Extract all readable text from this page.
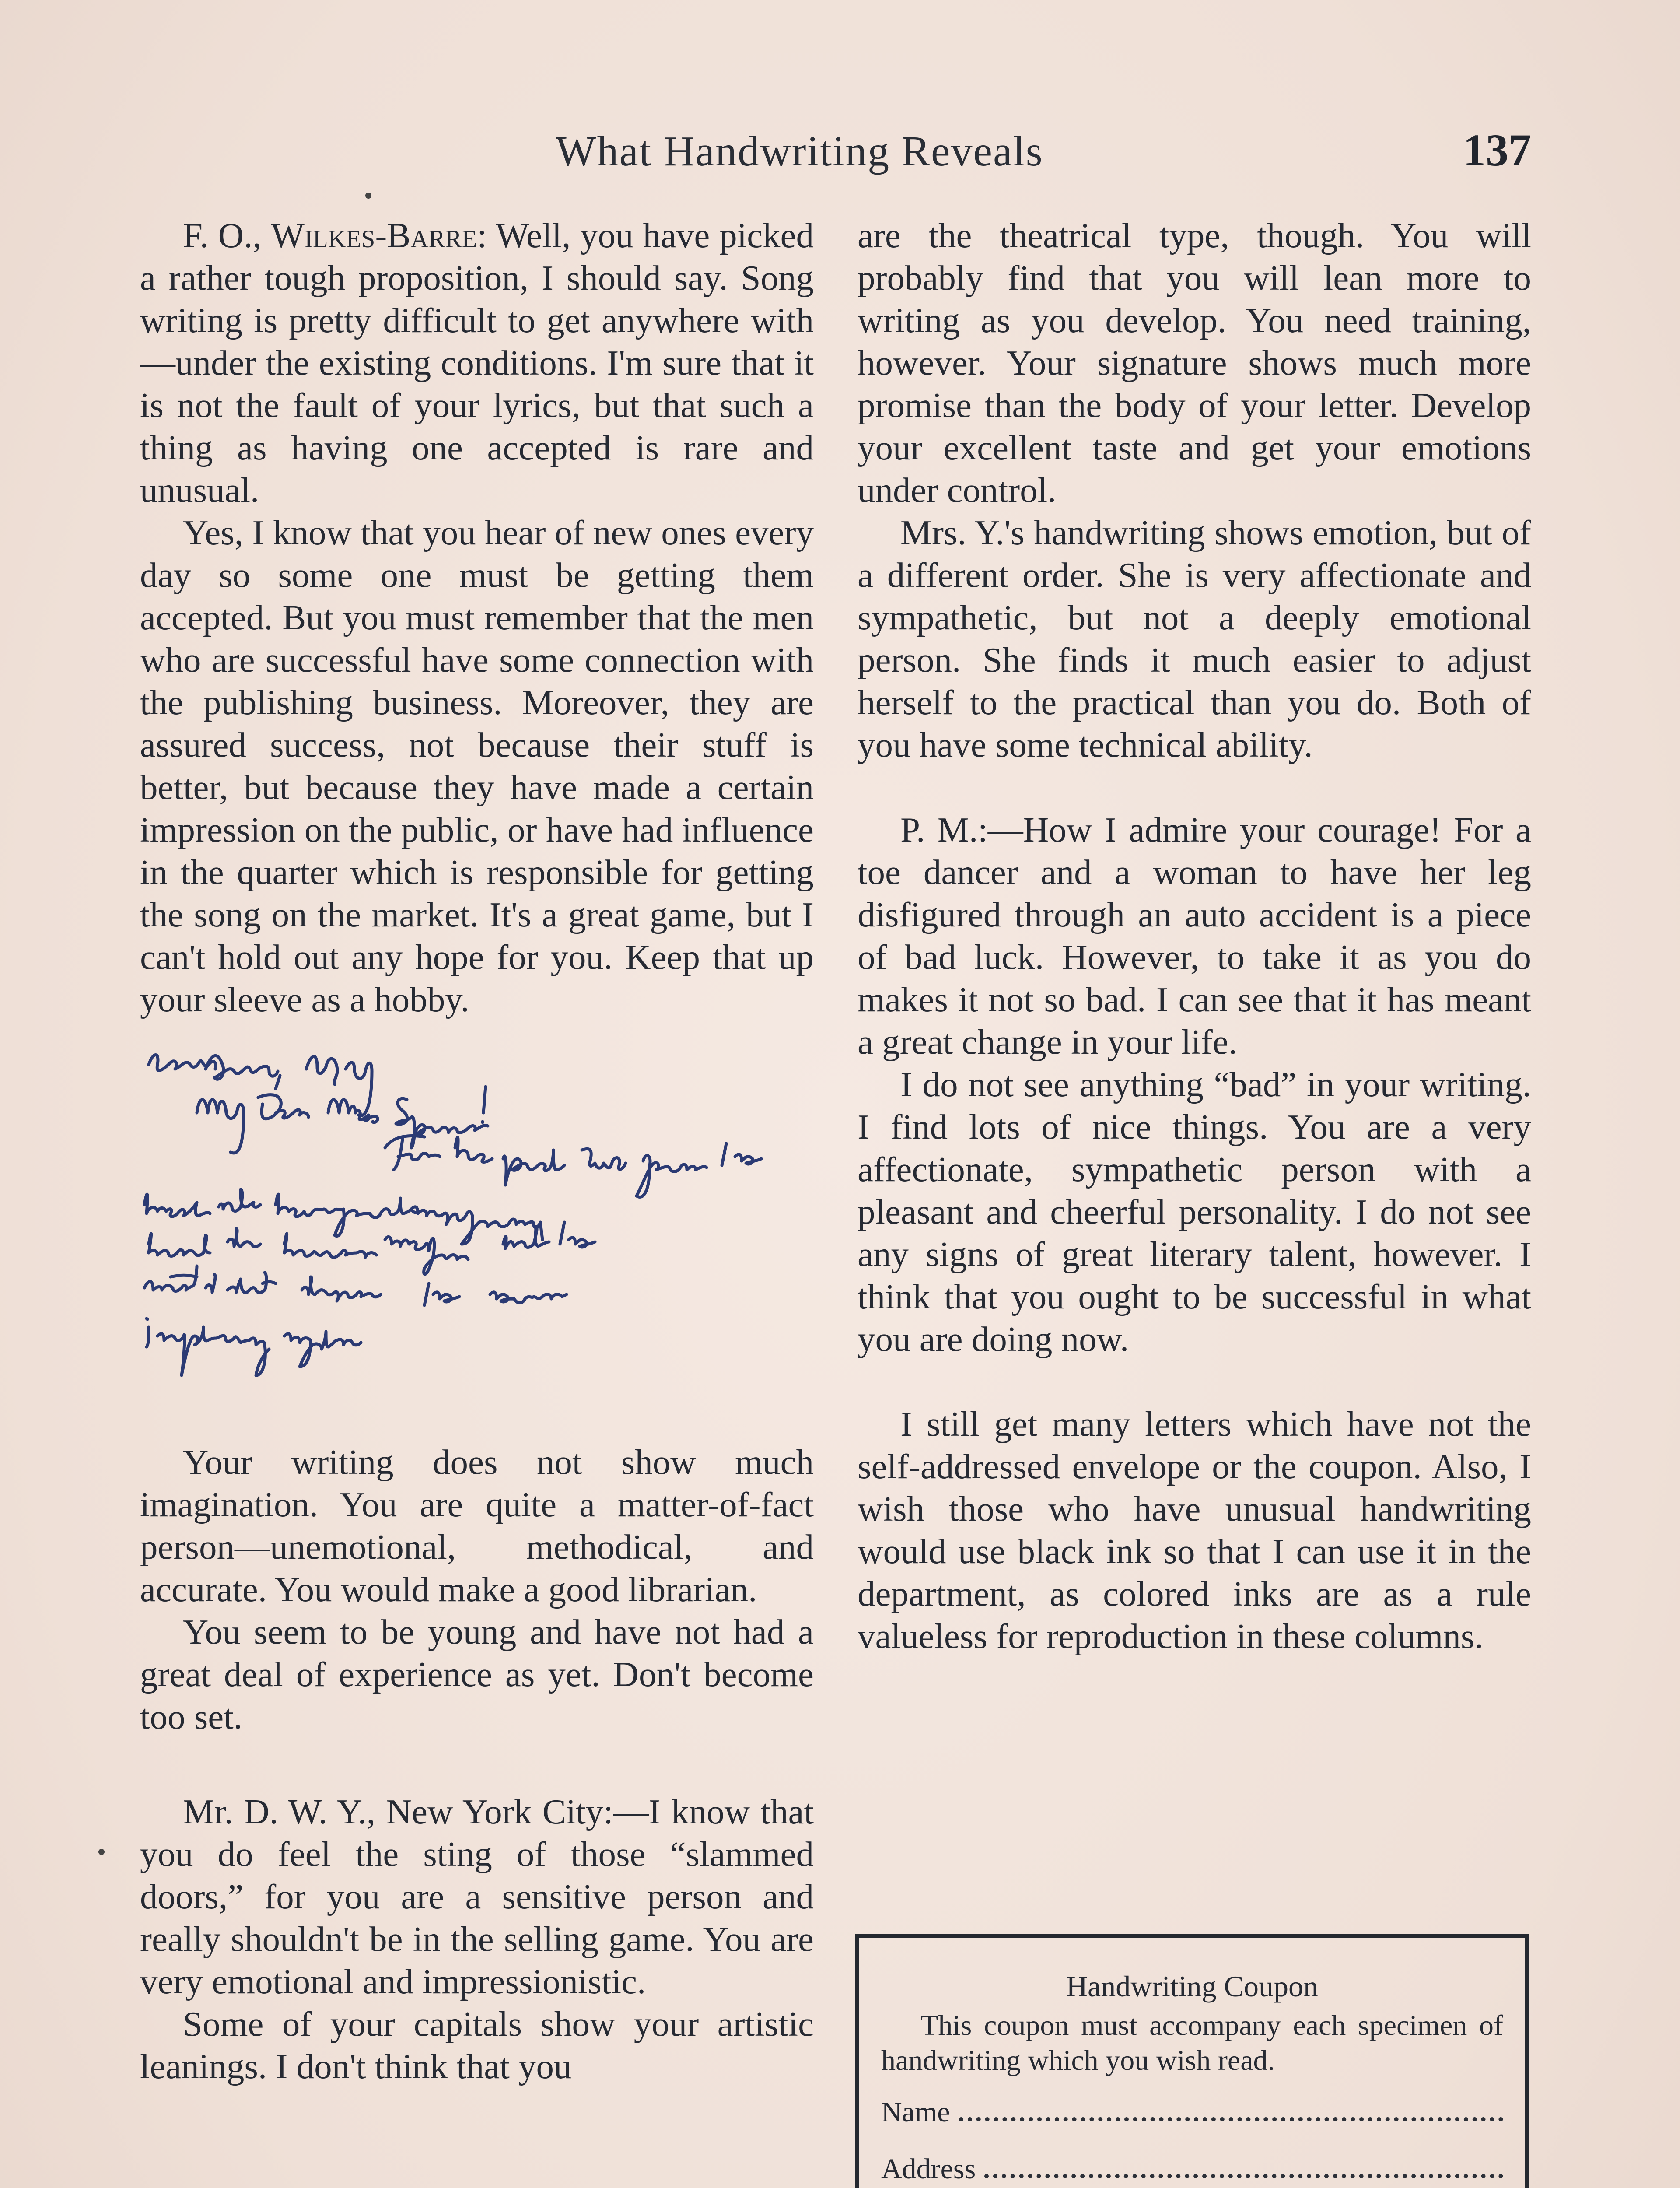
What Handwriting Reveals	137

F. O., Wilkes-Barre: Well, you have picked a rather tough proposition, I should say. Song writing is pretty difficult to get anywhere with—under the existing conditions. I'm sure that it is not the fault of your lyrics, but that such a thing as having one accepted is rare and unusual.

Yes, I know that you hear of new ones every day so some one must be getting them accepted. But you must remember that the men who are successful have some connection with the publishing business. Moreover, they are assured success, not because their stuff is better, but because they have made a certain impression on the public, or have had influence in the quarter which is responsible for getting the song on the market. It's a great game, but I can't hold out any hope for you. Keep that up your sleeve as a hobby.

Your writing does not show much imagination. You are quite a matter-of-fact person—unemotional, methodical, and accurate. You would make a good librarian.

You seem to be young and have not had a great deal of experience as yet. Don't become too set.

Mr. D. W. Y., New York City:—I know that you do feel the sting of those “slammed doors,” for you are a sensitive person and really shouldn't be in the selling game. You are very emotional and impressionistic.

Some of your capitals show your artistic leanings. I don't think that you

are the theatrical type, though. You will probably find that you will lean more to writing as you develop. You need training, however. Your signature shows much more promise than the body of your letter. Develop your excellent taste and get your emotions under control.

Mrs. Y.'s handwriting shows emotion, but of a different order. She is very affectionate and sympathetic, but not a deeply emotional person. She finds it much easier to adjust herself to the practical than you do. Both of you have some technical ability.

P. M.:—How I admire your courage! For a toe dancer and a woman to have her leg disfigured through an auto accident is a piece of bad luck. However, to take it as you do makes it not so bad. I can see that it has meant a great change in your life.

I do not see anything “bad” in your writing. I find lots of nice things. You are a very affectionate, sympathetic person with a pleasant and cheerful personality. I do not see any signs of great literary talent, however. I think that you ought to be successful in what you are doing now.

I still get many letters which have not the self-addressed envelope or the coupon. Also, I wish those who have unusual handwriting would use black ink so that I can use it in the department, as colored inks are as a rule valueless for reproduction in these columns.

Handwriting Coupon
This coupon must accompany each specimen of handwriting which you wish read.
Name
Address
